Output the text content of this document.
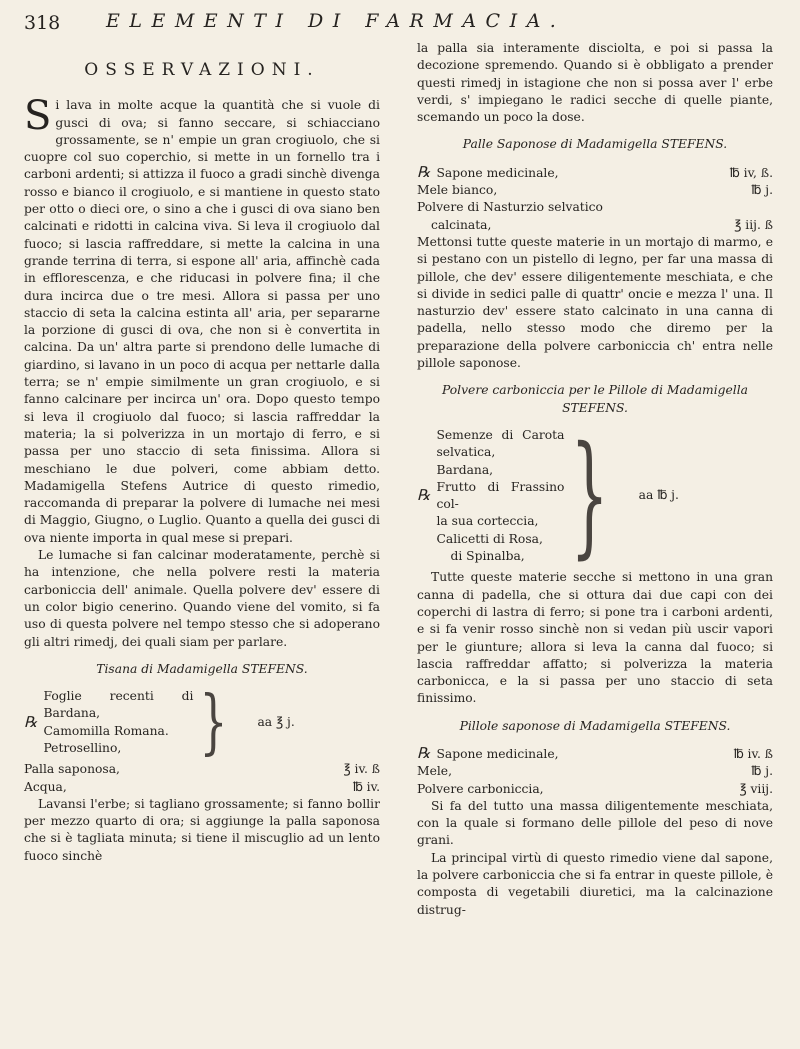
318 ELEMENTI DI FARMACIA.
OSSERVAZIONI.

Si lava in molte acque la quantità che si vuole di gusci di ova; si fanno seccare, si schiacciano grossamente, se n' empie un gran crogiuolo, che si cuopre col suo coperchio, si mette in un fornello tra i carboni ardenti; si attizza il fuoco a gradi sinchè divenga rosso e bianco il crogiuolo, e si mantiene in questo stato per otto o dieci ore, o sino a che i gusci di ova siano ben calcinati e ridotti in calcina viva. Si leva il crogiuolo dal fuoco; si lascia raffreddare, si mette la calcina in una grande terrina di terra, si espone all' aria, affinchè cada in efflorescenza, e che riducasi in polvere fina; il che dura incirca due o tre mesi. Allora si passa per uno staccio di seta la calcina estinta all' aria, per separarne la porzione di gusci di ova, che non si è convertita in calcina. Da un' altra parte si prendono delle lumache di giardino, si lavano in un poco di acqua per nettarle dalla terra; se n' empie similmente un gran crogiuolo, e si fanno calcinare per incirca un' ora. Dopo questo tempo si leva il crogiuolo dal fuoco; si lascia raffreddar la materia; la si polverizza in un mortajo di ferro, e si passa per uno staccio di seta finissima. Allora si meschiano le due polveri, come abbiam detto. Madamigella Stefens Autrice di questo rimedio, raccomanda di preparar la polvere di lumache nei mesi di Maggio, Giugno, o Luglio. Quanto a quella dei gusci di ova niente importa in qual mese si prepari.

Le lumache si fan calcinar moderatamente, perchè si ha intenzione, che nella polvere resti la materia carboniccia dell' animale. Quella polvere dev' essere di un color bigio cenerino. Quando viene del vomito, si fa uso di questa polvere nel tempo stesso che si adoperano gli altri rimedj, dei quali siam per parlare.

Tisana di Madamigella STEFENS.
℞
Foglie recenti di Bardana,
Camomilla Romana.
Petrosellino,	} aa ℥ j.
Palla saponosa,	℥ iv. ß
Acqua,	℔ iv.

Lavansi l'erbe; si tagliano grossamente; si fanno bollir per mezzo quarto di ora; si aggiunge la palla saponosa che si è tagliata minuta; si tiene il miscuglio ad un lento fuoco sinchè

la palla sia interamente disciolta, e poi si passa la decozione spremendo. Quando si è obbligato a prender questi rimedj in istagione che non si possa aver l' erbe verdi, s' impiegano le radici secche di quelle piante, scemando un poco la dose.

Palle Saponose di Madamigella STEFENS.
℞ Sapone medicinale,	℔ iv, ß.
Mele bianco,	℔ j.
Polvere di Nasturzio selvatico
calcinata,	℥ iij. ß

Mettonsi tutte queste materie in un mortajo di marmo, e si pestano con un pistello di legno, per far una massa di pillole, che dev' essere diligentemente meschiata, e che si divide in sedici palle di quattr' oncie e mezza l' una. Il nasturzio dev' essere stato calcinato in una canna di padella, nello stesso modo che diremo per la preparazione della polvere carboniccia ch' entra nelle pillole saponose.

Polvere carboniccia per le Pillole di Madamigella STEFENS.
℞
Semenze di Carota selvatica,
Bardana,
Frutto di Frassino col-
la sua corteccia,
Calicetti di Rosa,
di Spinalba, } aa ℔ j.

Tutte queste materie secche si mettono in una gran canna di padella, che si ottura dai due capi con dei coperchi di lastra di ferro; si pone tra i carboni ardenti, e si fa venir rosso sinchè non si vedan più uscir vapori per le giunture; allora si leva la canna dal fuoco; si lascia raffreddar affatto; si polverizza la materia carbonicca, e la si passa per uno staccio di seta finissimo.

Pillole saponose di Madamigella STEFENS.
℞ Sapone medicinale,	℔ iv. ß
Mele,	℔ j.
Polvere carboniccia,	℥ viij.

Si fa del tutto una massa diligentemente meschiata, con la quale si formano delle pillole del peso di nove grani.

La principal virtù di questo rimedio viene dal sapone, la polvere carboniccia che si fa entrar in queste pillole, è composta di vegetabili diuretici, ma la calcinazione distrug-
